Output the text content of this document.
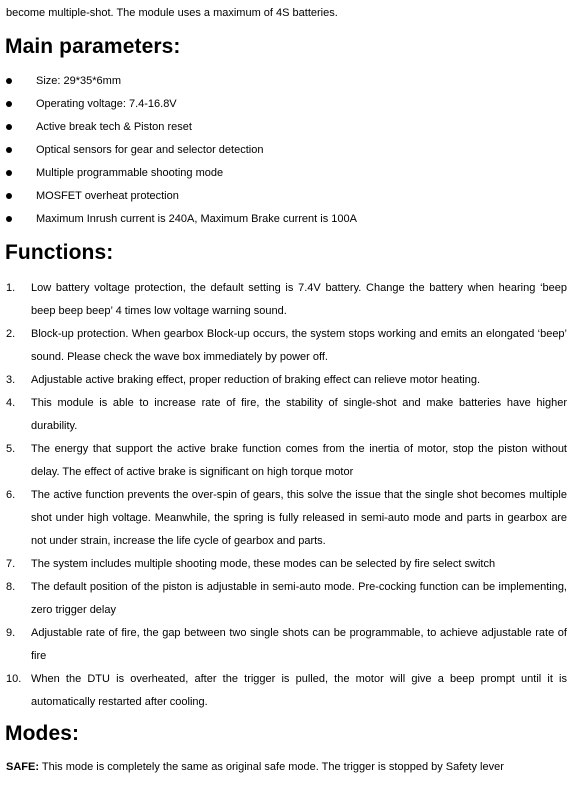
become multiple-shot. The module uses a maximum of 4S batteries.
Main parameters:
Size: 29*35*6mm
Operating voltage: 7.4-16.8V
Active break tech & Piston reset
Optical sensors for gear and selector detection
Multiple programmable shooting mode
MOSFET overheat protection
Maximum Inrush current is 240A, Maximum Brake current is 100A
Functions:
1. Low battery voltage protection, the default setting is 7.4V battery. Change the battery when hearing ‘beep beep beep beep’ 4 times low voltage warning sound.
2. Block-up protection. When gearbox Block-up occurs, the system stops working and emits an elongated ‘beep’ sound. Please check the wave box immediately by power off.
3. Adjustable active braking effect, proper reduction of braking effect can relieve motor heating.
4. This module is able to increase rate of fire, the stability of single-shot and make batteries have higher durability.
5. The energy that support the active brake function comes from the inertia of motor, stop the piston without delay. The effect of active brake is significant on high torque motor
6. The active function prevents the over-spin of gears, this solve the issue that the single shot becomes multiple shot under high voltage. Meanwhile, the spring is fully released in semi-auto mode and parts in gearbox are not under strain, increase the life cycle of gearbox and parts.
7. The system includes multiple shooting mode, these modes can be selected by fire select switch
8. The default position of the piston is adjustable in semi-auto mode. Pre-cocking function can be implementing, zero trigger delay
9. Adjustable rate of fire, the gap between two single shots can be programmable, to achieve adjustable rate of fire
10. When the DTU is overheated, after the trigger is pulled, the motor will give a beep prompt until it is automatically restarted after cooling.
Modes:
SAFE: This mode is completely the same as original safe mode. The trigger is stopped by Safety lever
